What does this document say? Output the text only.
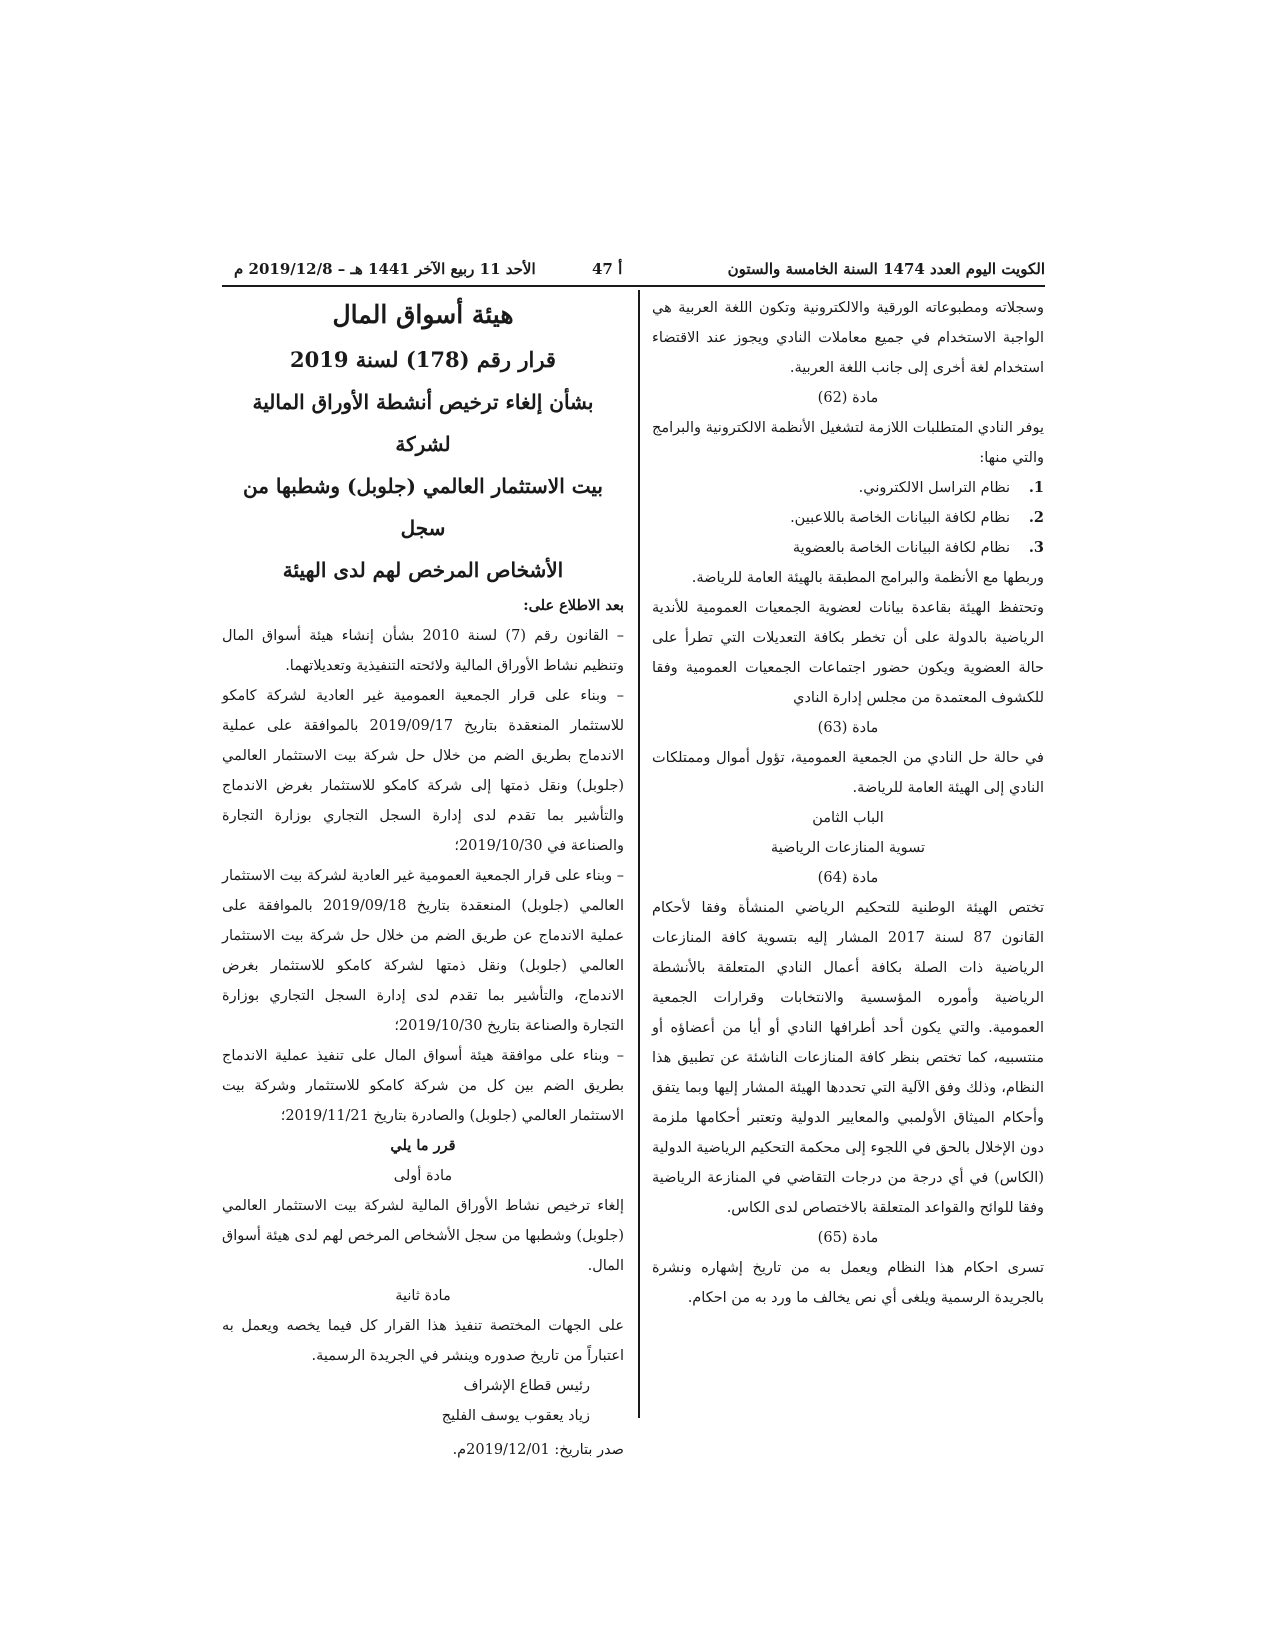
الكويت اليوم العدد 1474 السنة الخامسة والستون
أ 47
الأحد 11 ربيع الآخر 1441 هـ – 2019/12/8 م

وسجلاته ومطبوعاته الورقية والالكترونية وتكون اللغة العربية هي الواجبة الاستخدام في جميع معاملات النادي ويجوز عند الاقتضاء استخدام لغة أخرى إلى جانب اللغة العربية.

مادة (62)

يوفر النادي المتطلبات اللازمة لتشغيل الأنظمة الالكترونية والبرامج والتي منها:

1.
نظام التراسل الالكتروني.
2.
نظام لكافة البيانات الخاصة باللاعبين.
3.
نظام لكافة البيانات الخاصة بالعضوية

وربطها مع الأنظمة والبرامج المطبقة بالهيئة العامة للرياضة.

وتحتفظ الهيئة بقاعدة بيانات لعضوية الجمعيات العمومية للأندية الرياضية بالدولة على أن تخطر بكافة التعديلات التي تطرأ على حالة العضوية ويكون حضور اجتماعات الجمعيات العمومية وفقا للكشوف المعتمدة من مجلس إدارة النادي

مادة (63)

في حالة حل النادي من الجمعية العمومية، تؤول أموال وممتلكات النادي إلى الهيئة العامة للرياضة.

الباب الثامن

تسوية المنازعات الرياضية

مادة (64)

تختص الهيئة الوطنية للتحكيم الرياضي المنشأة وفقا لأحكام القانون 87 لسنة 2017 المشار إليه بتسوية كافة المنازعات الرياضية ذات الصلة بكافة أعمال النادي المتعلقة بالأنشطة الرياضية وأموره المؤسسية والانتخابات وقرارات الجمعية العمومية. والتي يكون أحد أطرافها النادي أو أيا من أعضاؤه أو منتسبيه، كما تختص بنظر كافة المنازعات الناشئة عن تطبيق هذا النظام، وذلك وفق الآلية التي تحددها الهيئة المشار إليها وبما يتفق وأحكام الميثاق الأولمبي والمعايير الدولية وتعتبر أحكامها ملزمة دون الإخلال بالحق في اللجوء إلى محكمة التحكيم الرياضية الدولية (الكاس) في أي درجة من درجات التقاضي في المنازعة الرياضية وفقا للوائح والقواعد المتعلقة بالاختصاص لدى الكاس.

مادة (65)

تسرى احكام هذا النظام ويعمل به من تاريخ إشهاره ونشرة بالجريدة الرسمية ويلغى أي نص يخالف ما ورد به من احكام.

هيئة أسواق المال
قرار رقم (178) لسنة 2019
بشأن إلغاء ترخيص أنشطة الأوراق المالية لشركة
بيت الاستثمار العالمي (جلوبل) وشطبها من سجل
الأشخاص المرخص لهم لدى الهيئة

بعد الاطلاع على:

– القانون رقم (7) لسنة 2010 بشأن إنشاء هيئة أسواق المال وتنظيم نشاط الأوراق المالية ولائحته التنفيذية وتعديلاتهما.

– وبناء على قرار الجمعية العمومية غير العادية لشركة كامكو للاستثمار المنعقدة بتاريخ 2019/09/17 بالموافقة على عملية الاندماج بطريق الضم من خلال حل شركة بيت الاستثمار العالمي (جلوبل) ونقل ذمتها إلى شركة كامكو للاستثمار بغرض الاندماج والتأشير بما تقدم لدى إدارة السجل التجاري بوزارة التجارة والصناعة في 2019/10/30؛

– وبناء على قرار الجمعية العمومية غير العادية لشركة بيت الاستثمار العالمي (جلوبل) المنعقدة بتاريخ 2019/09/18 بالموافقة على عملية الاندماج عن طريق الضم من خلال حل شركة بيت الاستثمار العالمي (جلوبل) ونقل ذمتها لشركة كامكو للاستثمار بغرض الاندماج، والتأشير بما تقدم لدى إدارة السجل التجاري بوزارة التجارة والصناعة بتاريخ 2019/10/30؛

– وبناء على موافقة هيئة أسواق المال على تنفيذ عملية الاندماج بطريق الضم بين كل من شركة كامكو للاستثمار وشركة بيت الاستثمار العالمي (جلوبل) والصادرة بتاريخ 2019/11/21؛

قرر ما يلي

مادة أولى

إلغاء ترخيص نشاط الأوراق المالية لشركة بيت الاستثمار العالمي (جلوبل) وشطبها من سجل الأشخاص المرخص لهم لدى هيئة أسواق المال.

مادة ثانية

على الجهات المختصة تنفيذ هذا القرار كل فيما يخصه ويعمل به اعتباراً من تاريخ صدوره وينشر في الجريدة الرسمية.

رئيس قطاع الإشراف

زياد يعقوب يوسف الفليج

صدر بتاريخ: 2019/12/01م.
